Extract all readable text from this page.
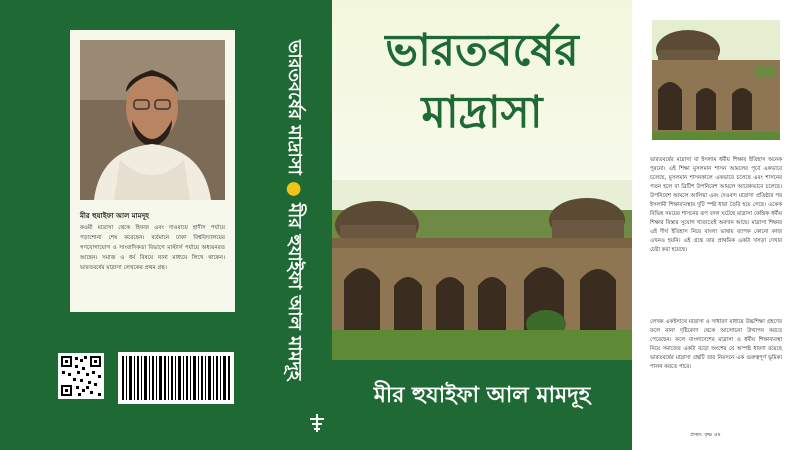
মীর হুযাইফা আল মামদূহ
কওমী মাদ্রাসা থেকে হিফজ এবং দাওরায়ে হাদীস পর্যায়ে পড়াশোনা শেষ করেছেন। বর্তমানে ঢাকা বিশ্ববিদ্যালয়ের গণযোগাযোগ ও সাংবাদিকতা বিভাগে মাস্টার্স পর্যায়ে অধ্যয়নরত আছেন। সমাজ ও ধর্ম বিষয়ে নানা মাধ্যমে লিখে থাকেন। ভারতবর্ষের মাদ্রাসা লেখকের প্রথম গ্রন্থ।
ভারতবর্ষের মাদ্রাসা ● মীর হুযাইফা আল মামদূহ
ভারতবর্ষের
মাদ্রাসা
মীর হুযাইফা আল মামদূহ
ভারতবর্ষের মাদ্রাসা বা ইসলাম ধর্মীয় শিক্ষার ইতিহাস অনেক পুরনো। এই শিক্ষা মুসলমান শাসন আমলের পূর্বে একভাবে চলেছে, মুসলমান শাসনকালে একভাবে চলেছে এবং শাসনের পতন হলে বা ব্রিটিশ উপনিবেশ আমলে আরেকভাবে চলেছে। উপনিবেশ আমলে আলিয়া এবং দেওবন্দ মাদ্রাসা প্রতিষ্ঠার পর ইসলামী শিক্ষাব্যবস্থার দুটি স্পষ্ট ধারা তৈরি হয়ে গেছে। একেক বিভিন্ন সময়ের শাসনের রূপ বদল ঘটেছে মাদ্রাসা কেন্দ্রিক ধর্মীয় শিক্ষার বিস্তার সুযোগ খাতাতেই অবদান আছে। মাদ্রাসা শিক্ষার এই দীর্ঘ ইতিহাস নিয়ে বাংলা ভাষায় ব্যাপক কোনো কাজ এখনও হয়নি। এই গ্রন্থে তার প্রাথমিক একটা খসড়া দেখার চেষ্টা করা হয়েছে।
লেখক একইসাথে মাদ্রাসা ও সাধারণ মাধ্যমে উচ্চশিক্ষা গ্রহণের ফলে নানা দৃষ্টিকোণ থেকে আলোচনা উত্থাপন করতে পেরেছেন। ফলে বাংলাদেশের মাদ্রাসা ও ধর্মীয় শিক্ষাব্যবস্থা নিয়ে সমাজের একটা বড়ো অংশের যে অস্পষ্ট ধারণা রয়েছে ভারতবর্ষের মাদ্রাসা গ্রন্থটি তার নিরসনে এক গুরুত্বপূর্ণ ভূমিকা পালন করতে পারে।
প্রচ্ছদ: কৃষ্ণ এম
